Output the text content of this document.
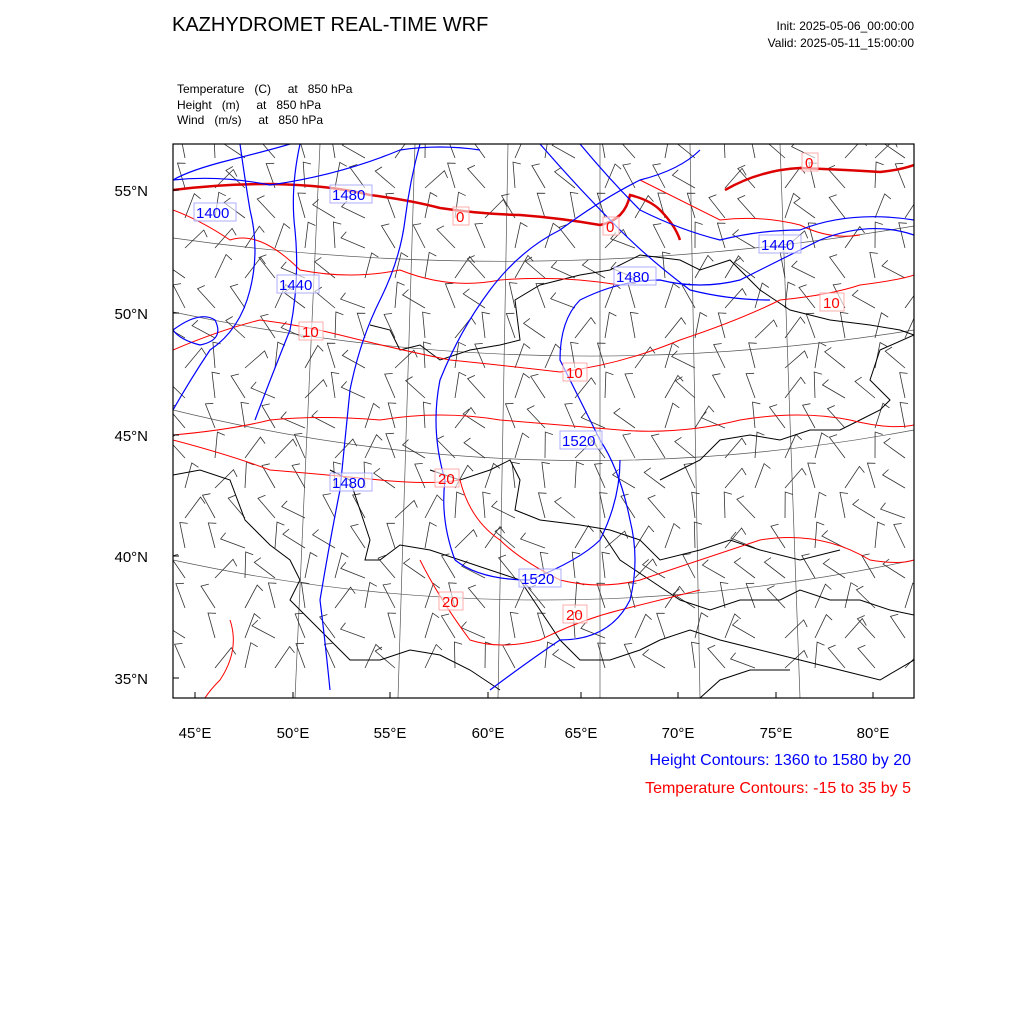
KAZHYDROMET REAL-TIME WRF	Init: 2025-05-06_00:00:00
Valid: 2025-05-11_15:00:00
Temperature   (C)     at   850 hPa
Height   (m)     at   850 hPa
Wind   (m/s)     at   850 hPa
55°N
50°N
45°N
40°N
35°N
45°E	50°E	55°E	60°E	65°E	70°E	75°E	80°E
1400
1480
1440	1480
1440
1520
1480
1520
0
0
0
10
10
10
20
20
20
Height Contours: 1360 to 1580 by 20
Temperature Contours: -15 to 35 by 5
